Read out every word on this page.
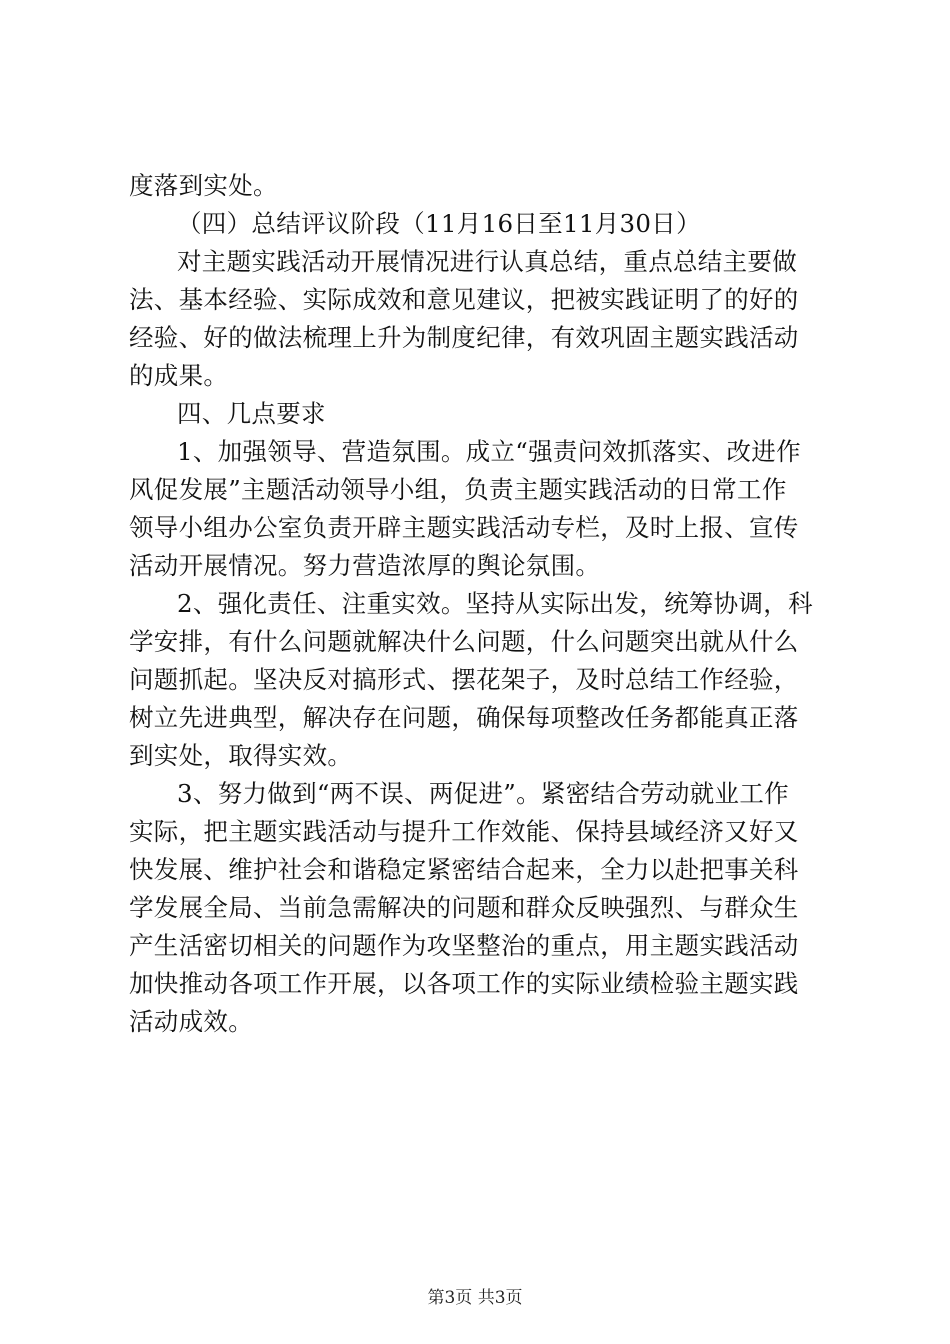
度落到实处。
（四）总结评议阶段（11月16日至11月30日）
对主题实践活动开展情况进行认真总结，重点总结主要做
法、基本经验、实际成效和意见建议，把被实践证明了的好的
经验、好的做法梳理上升为制度纪律，有效巩固主题实践活动
的成果。
四、几点要求
1、加强领导、营造氛围。成立“强责问效抓落实、改进作
风促发展”主题活动领导小组，负责主题实践活动的日常工作
领导小组办公室负责开辟主题实践活动专栏，及时上报、宣传
活动开展情况。努力营造浓厚的舆论氛围。
2、强化责任、注重实效。坚持从实际出发，统筹协调，科
学安排，有什么问题就解决什么问题，什么问题突出就从什么
问题抓起。坚决反对搞形式、摆花架子，及时总结工作经验，
树立先进典型，解决存在问题，确保每项整改任务都能真正落
到实处，取得实效。
3、努力做到“两不误、两促进”。紧密结合劳动就业工作
实际，把主题实践活动与提升工作效能、保持县域经济又好又
快发展、维护社会和谐稳定紧密结合起来，全力以赴把事关科
学发展全局、当前急需解决的问题和群众反映强烈、与群众生
产生活密切相关的问题作为攻坚整治的重点，用主题实践活动
加快推动各项工作开展，以各项工作的实际业绩检验主题实践
活动成效。
第3页 共3页
